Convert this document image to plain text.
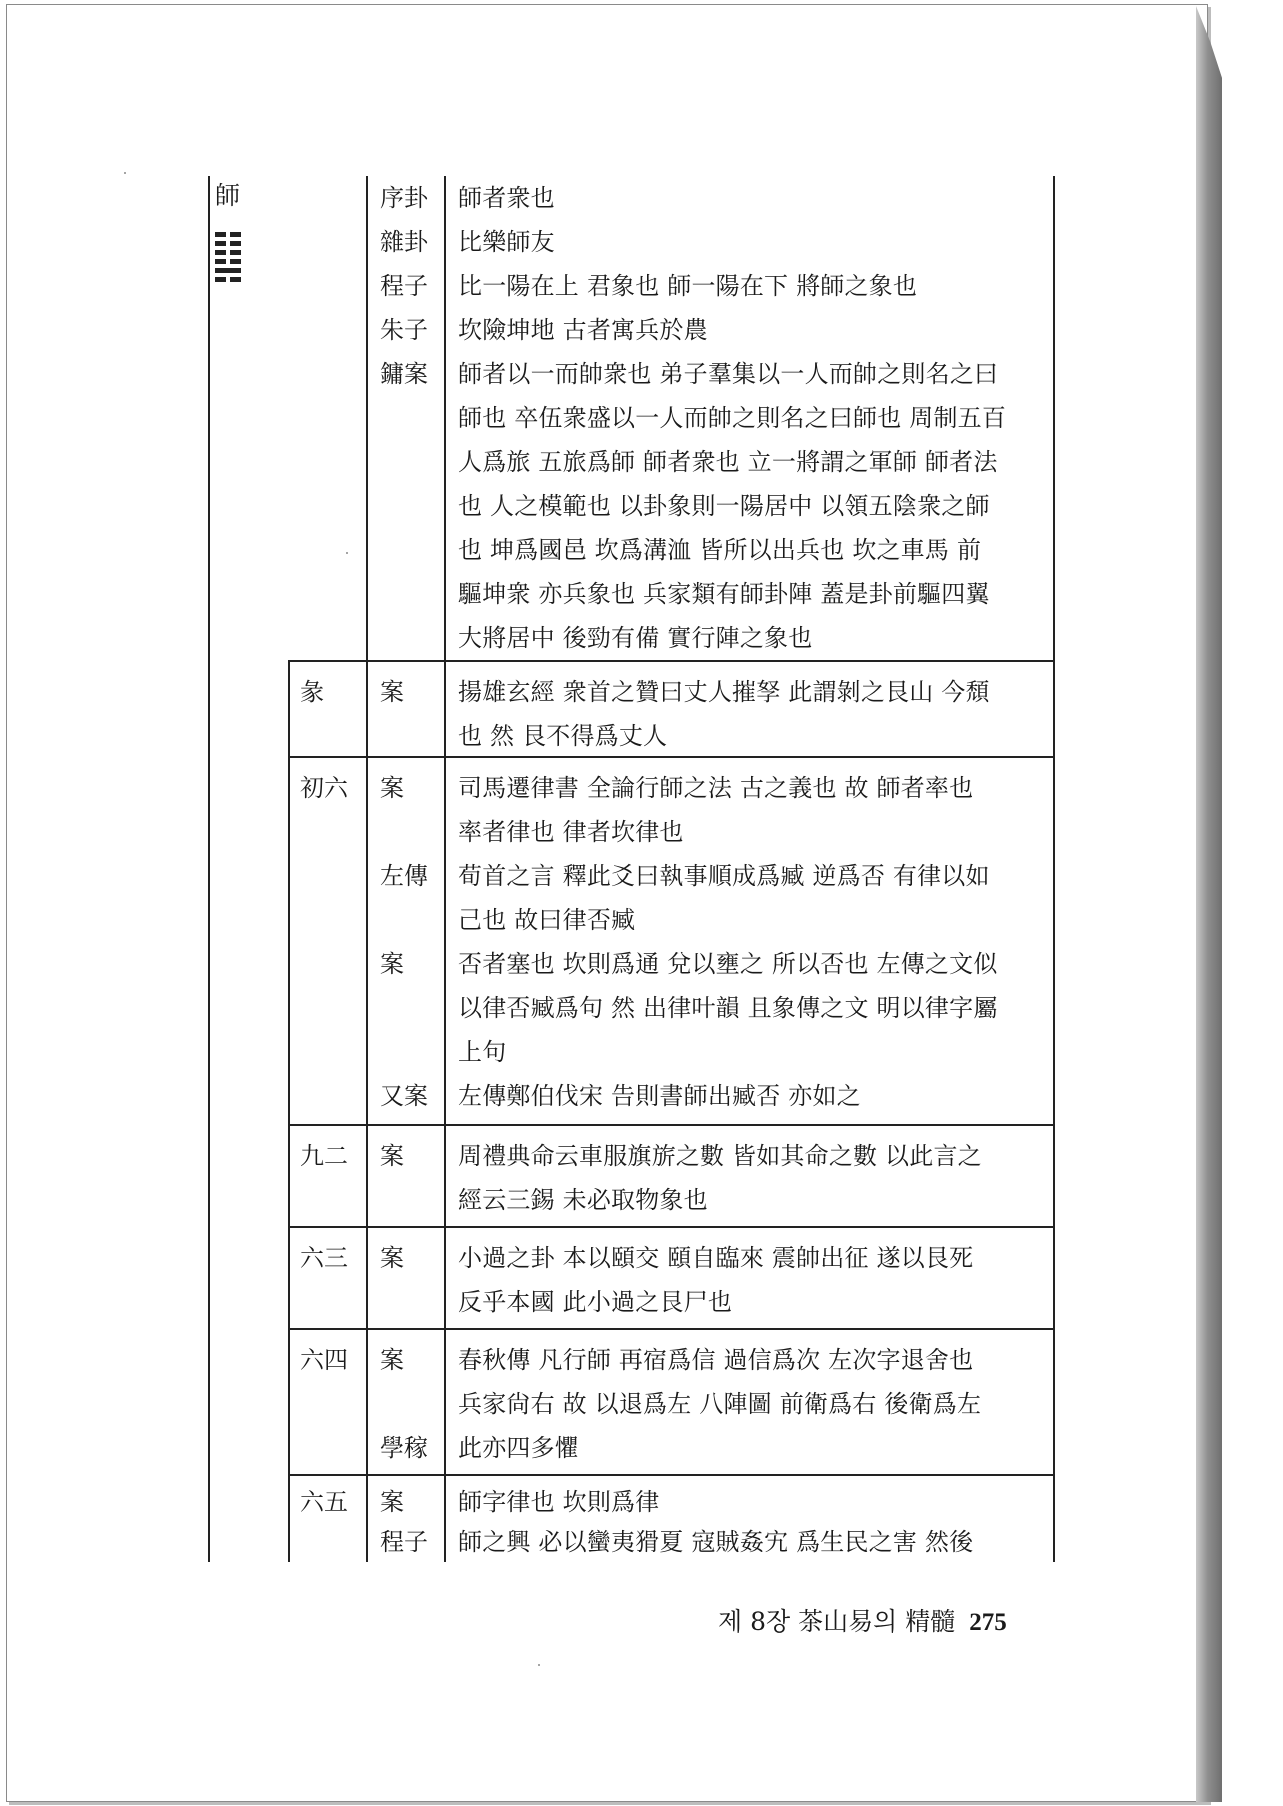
序卦	師者衆也
雜卦	比樂師友
程子	比一陽在上 君象也 師一陽在下 將師之象也
朱子	坎險坤地 古者寓兵於農
鏞案	師者以一而帥衆也 弟子羣集以一人而帥之則名之曰
師也 卒伍衆盛以一人而帥之則名之曰師也 周制五百
人爲旅 五旅爲師 師者衆也 立一將謂之軍師 師者法
也 人之模範也 以卦象則一陽居中 以領五陰衆之師
也 坤爲國邑 坎爲溝洫 皆所以出兵也 坎之車馬 前
驅坤衆 亦兵象也 兵家類有師卦陣 蓋是卦前驅四翼
大將居中 後勁有備 實行陣之象也
彖	案	揚雄玄經 衆首之贊曰丈人摧孥 此謂剝之艮山 今頹
也 然 艮不得爲丈人
初六	案	司馬遷律書 全論行師之法 古之義也 故 師者率也
率者律也 律者坎律也
左傳	荀首之言 釋此爻曰執事順成爲臧 逆爲否 有律以如
己也 故曰律否臧
案	否者塞也 坎則爲通 兌以壅之 所以否也 左傳之文似
以律否臧爲句 然 出律叶韻 且象傳之文 明以律字屬
上句
又案	左傳鄭伯伐宋 告則書師出臧否 亦如之
九二	案	周禮典命云車服旗旂之數 皆如其命之數 以此言之
經云三錫 未必取物象也
六三	案	小過之卦 本以頤交 頤自臨來 震帥出征 遂以艮死
反乎本國 此小過之艮尸也
六四	案	春秋傳 凡行師 再宿爲信 過信爲次 左次字退舍也
兵家尙右 故 以退爲左 八陣圖 前衛爲右 後衛爲左
學稼	此亦四多懼
六五	案	師字律也 坎則爲律
程子	師之興 必以蠻夷猾夏 寇賊姦宄 爲生民之害 然後
師
제 8장 茶山易의 精髓 275
